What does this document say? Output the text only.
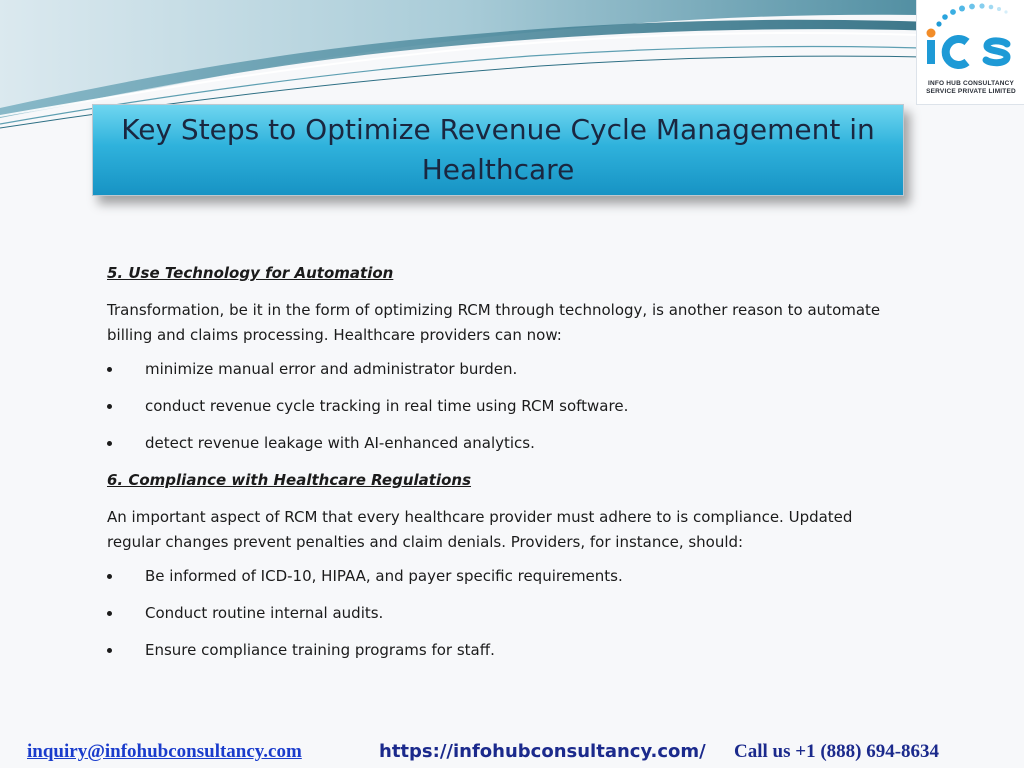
INFO HUB CONSULTANCY
SERVICE PRIVATE LIMITED
Key Steps to Optimize Revenue Cycle Management in Healthcare
5. Use Technology for Automation
Transformation, be it in the form of optimizing RCM through technology, is another reason to automate billing and claims processing. Healthcare providers can now:
minimize manual error and administrator burden.
conduct revenue cycle tracking in real time using RCM software.
detect revenue leakage with AI-enhanced analytics.
6. Compliance with Healthcare Regulations
An important aspect of RCM that every healthcare provider must adhere to is compliance. Updated regular changes prevent penalties and claim denials. Providers, for instance, should:
Be informed of ICD-10, HIPAA, and payer specific requirements.
Conduct routine internal audits.
Ensure compliance training programs for staff.
inquiry@infohubconsultancy.com	https://infohubconsultancy.com/ Call us +1 (888) 694-8634
